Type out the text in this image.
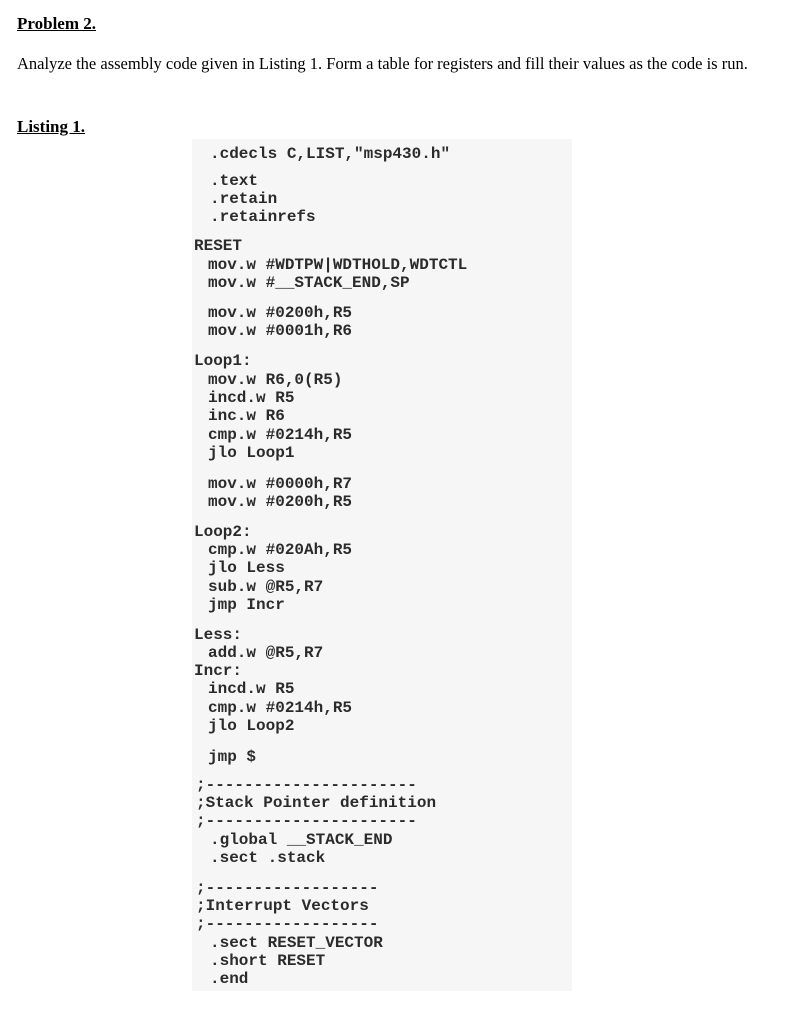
Problem 2.

Analyze the assembly code given in Listing 1. Form a table for registers and fill their values as the code is run.

Listing 1.
.cdecls C,LIST,"msp430.h"
.text
.retain
.retainrefs
RESET
mov.w #WDTPW|WDTHOLD,WDTCTL
mov.w #__STACK_END,SP
mov.w #0200h,R5
mov.w #0001h,R6
Loop1:
mov.w R6,0(R5)
incd.w R5
inc.w R6
cmp.w #0214h,R5
jlo Loop1
mov.w #0000h,R7
mov.w #0200h,R5
Loop2:
cmp.w #020Ah,R5
jlo Less
sub.w @R5,R7
jmp Incr
Less:
add.w @R5,R7
Incr:
incd.w R5
cmp.w #0214h,R5
jlo Loop2
jmp $
;----------------------
;Stack Pointer definition
;----------------------
.global __STACK_END
.sect .stack
;------------------
;Interrupt Vectors
;------------------
.sect RESET_VECTOR
.short RESET
.end
